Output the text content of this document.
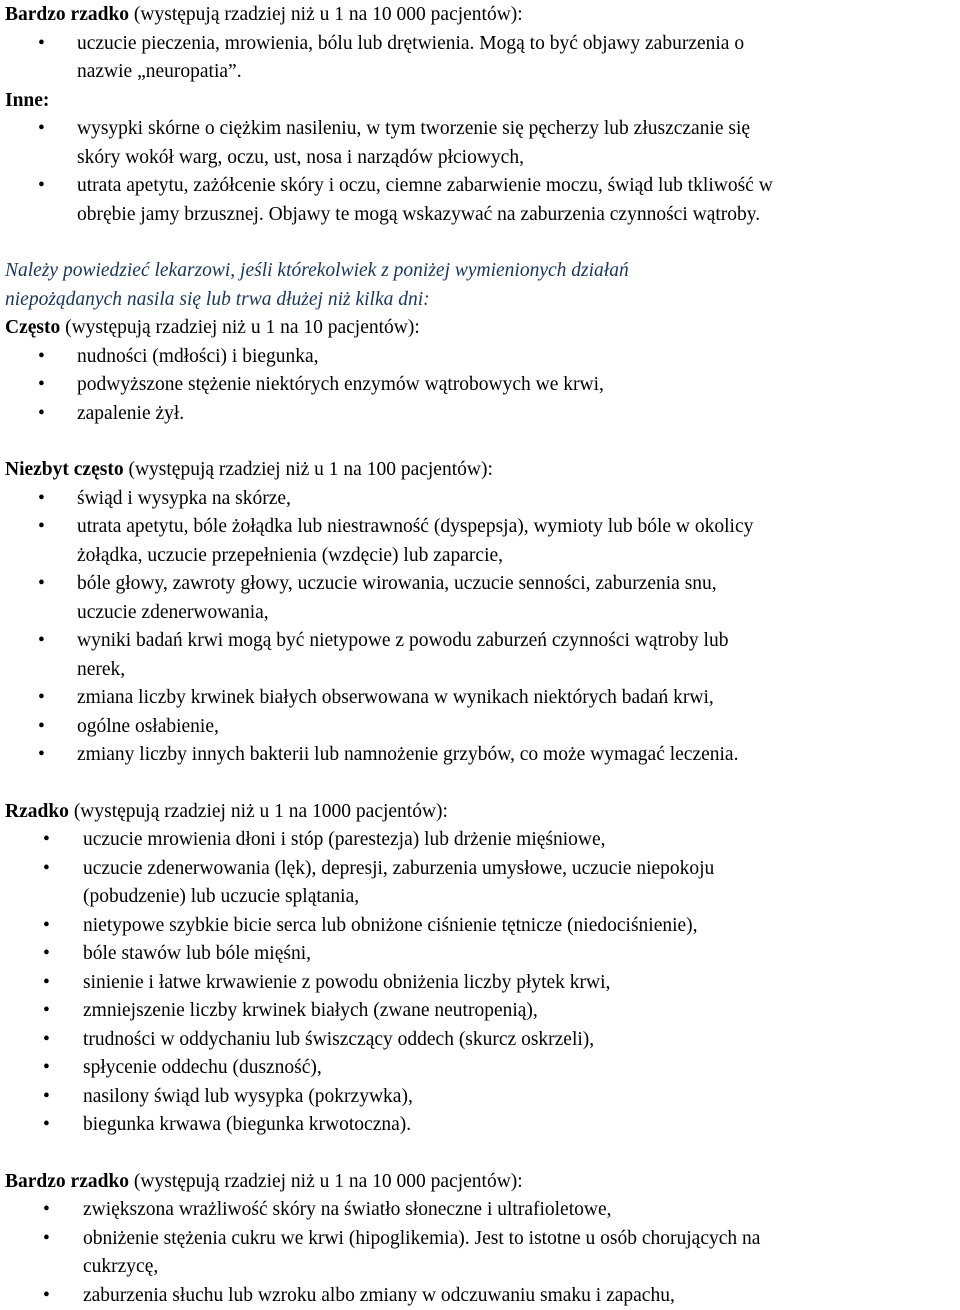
Bardzo rzadko (występują rzadziej niż u 1 na 10 000 pacjentów):
• uczucie pieczenia, mrowienia, bólu lub drętwienia. Mogą to być objawy zaburzenia o
nazwie „neuropatia”.
Inne:
• wysypki skórne o ciężkim nasileniu, w tym tworzenie się pęcherzy lub złuszczanie się
skóry wokół warg, oczu, ust, nosa i narządów płciowych,
• utrata apetytu, zażółcenie skóry i oczu, ciemne zabarwienie moczu, świąd lub tkliwość w
obrębie jamy brzusznej. Objawy te mogą wskazywać na zaburzenia czynności wątroby.
Należy powiedzieć lekarzowi, jeśli którekolwiek z poniżej wymienionych działań
niepożądanych nasila się lub trwa dłużej niż kilka dni:
Często (występują rzadziej niż u 1 na 10 pacjentów):
• nudności (mdłości) i biegunka,
• podwyższone stężenie niektórych enzymów wątrobowych we krwi,
• zapalenie żył.
Niezbyt często (występują rzadziej niż u 1 na 100 pacjentów):
• świąd i wysypka na skórze,
• utrata apetytu, bóle żołądka lub niestrawność (dyspepsja), wymioty lub bóle w okolicy
żołądka, uczucie przepełnienia (wzdęcie) lub zaparcie,
• bóle głowy, zawroty głowy, uczucie wirowania, uczucie senności, zaburzenia snu,
uczucie zdenerwowania,
• wyniki badań krwi mogą być nietypowe z powodu zaburzeń czynności wątroby lub
nerek,
• zmiana liczby krwinek białych obserwowana w wynikach niektórych badań krwi,
• ogólne osłabienie,
• zmiany liczby innych bakterii lub namnożenie grzybów, co może wymagać leczenia.
Rzadko (występują rzadziej niż u 1 na 1000 pacjentów):
• uczucie mrowienia dłoni i stóp (parestezja) lub drżenie mięśniowe,
• uczucie zdenerwowania (lęk), depresji, zaburzenia umysłowe, uczucie niepokoju
(pobudzenie) lub uczucie splątania,
• nietypowe szybkie bicie serca lub obniżone ciśnienie tętnicze (niedociśnienie),
• bóle stawów lub bóle mięśni,
• sinienie i łatwe krwawienie z powodu obniżenia liczby płytek krwi,
• zmniejszenie liczby krwinek białych (zwane neutropenią),
• trudności w oddychaniu lub świszczący oddech (skurcz oskrzeli),
• spłycenie oddechu (duszność),
• nasilony świąd lub wysypka (pokrzywka),
• biegunka krwawa (biegunka krwotoczna).
Bardzo rzadko (występują rzadziej niż u 1 na 10 000 pacjentów):
• zwiększona wrażliwość skóry na światło słoneczne i ultrafioletowe,
• obniżenie stężenia cukru we krwi (hipoglikemia). Jest to istotne u osób chorujących na
cukrzycę,
• zaburzenia słuchu lub wzroku albo zmiany w odczuwaniu smaku i zapachu,
